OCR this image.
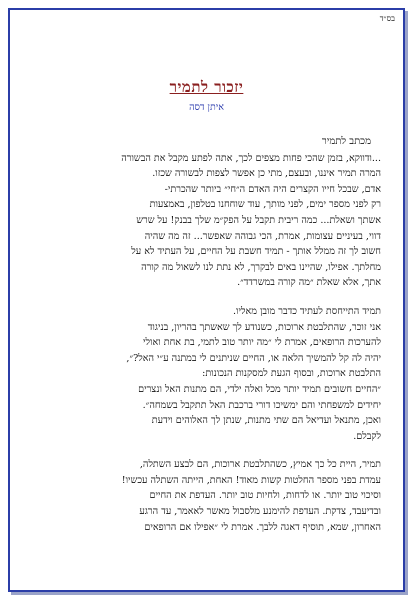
בס״ד
יזכור לתמיר
איתן דסה
מכתב לתמיר
...ודווקא, בזמן שהכי פחות מצפים לכך, אתה לפתע מקבל את הבשורה
המרה תמיר איננו, ובעצם, מתי כן אפשר לצפות לבשורה שכזו.
אדם, שבכל חייו הקצרים היה האדם ה״חי״ ביותר שהכרתי-
רק לפני מספר ימים, לפני מותך, עוד שוחחנו בטלפון, באמצעות
אשתך ושאלת... כמה ריבית תקבל על הפק״מ שלך בבנק! על שרש
דווי, בעיניים עצומות, אמרת, הכי גבוהה שאפשר... זה מה שהיה
חשוב לך זה ממלל אותך - תמיד חשבת על החיים, על העתיד לא על
מחלתך. אפילו, שהיינו באים לבקרך, לא נתת לנו לשאול מה קורה
אתך, אלא שאלת ״מה קורה במשרדד״.
תמיד התייחסת לעתיד כדבר מובן מאליו.
אני זוכר, שהתלבטת ארוכות, כשנודע לך שאשתך בהריון, בניגוד
להערכות הרופאים, אמרת לי ״מה יותר טוב לתמי, בת אחת ואולי
יהיה לה קל להמשיך הלאה או, החיים שניתנים לי במתנה ע״י האל?״,
התלבטת ארוכות, ובסוף הגעת למסקנות הנכונות:
״החיים חשובים תמיד יותר מכל ואלה ילדי, הם מתנות האל ונצרים
יחידים למשפחתי והם ימשיכו דורי ברכבת האל תתקבל בשמחה״.
ואכן, מתנאל ועדיאל הם שתי מתנות, שנתן לך האלוהים וידעת
לקבלם.
תמיר, היית כל כך אמיץ, כשהתלבטת ארוכות, הם לבצע השתלה,
עמדת בפני מספר החלטות קשות מאוד! האחת, הייתה השתלה עכשיו!
וסיכוי טוב יותר. או לדחות, ולחיות טוב יותר. העדפת את החיים
ובדיעבד, צדקת. העדפת להימנע מלסבול מאשר לאאמר, עד הרגע
האחרון, שמא, תוסיף דאגה ללבך. אמרת לי ״אפילו אם הרופאים
